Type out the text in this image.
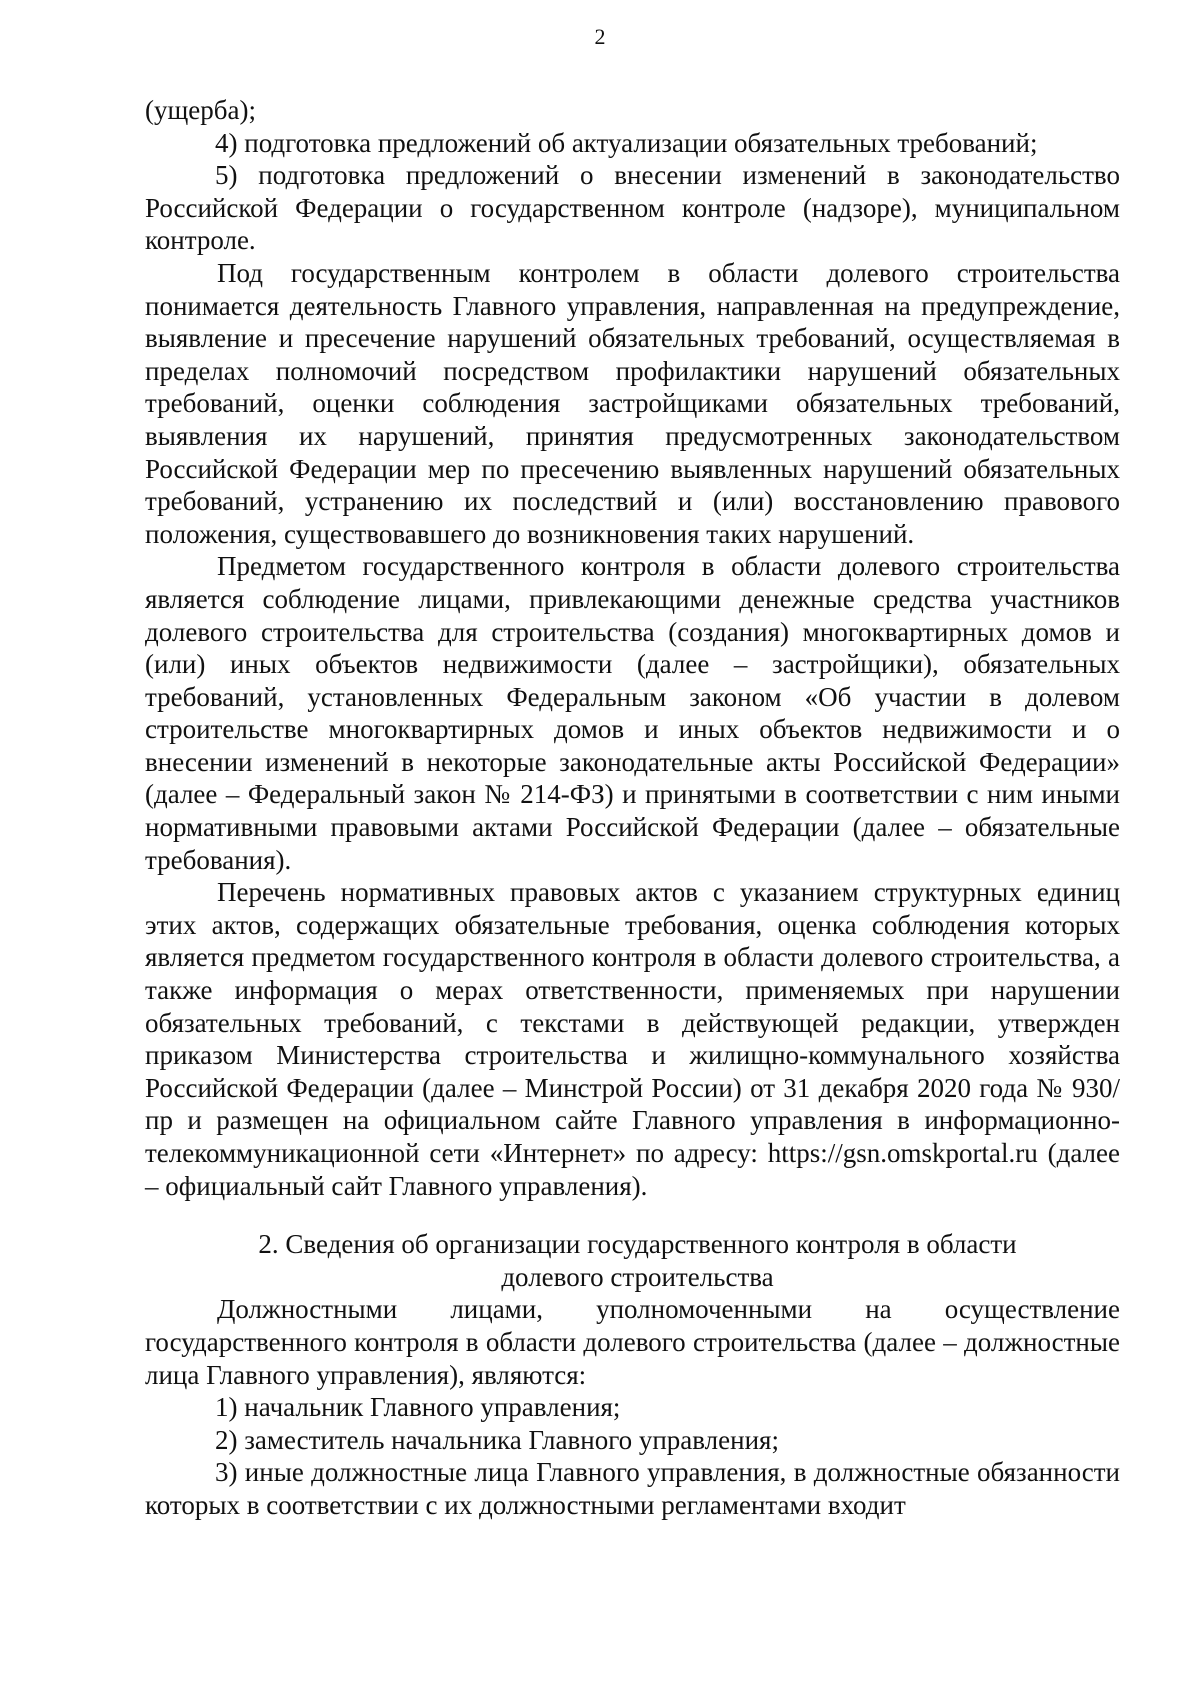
2

(ущерба);

4) подготовка предложений об актуализации обязательных требований;

5) подготовка предложений о внесении изменений в законодательство Российской Федерации о государственном контроле (надзоре), муниципальном контроле.

Под государственным контролем в области долевого строительства понимается деятельность Главного управления, направленная на предупреждение, выявление и пресечение нарушений обязательных требований, осуществляемая в пределах полномочий посредством профилактики нарушений обязательных требований, оценки соблюдения застройщиками обязательных требований, выявления их нарушений, принятия предусмотренных законодательством Российской Федерации мер по пресечению выявленных нарушений обязательных требований, устранению их последствий и (или) восстановлению правового положения, существовавшего до возникновения таких нарушений.

Предметом государственного контроля в области долевого строительства является соблюдение лицами, привлекающими денежные средства участников долевого строительства для строительства (создания) многоквартирных домов и (или) иных объектов недвижимости (далее – застройщики), обязательных требований, установленных Федеральным законом «Об участии в долевом строительстве многоквартирных домов и иных объектов недвижимости и о внесении изменений в некоторые законодательные акты Российской Федерации» (далее – Федеральный закон № 214-ФЗ) и принятыми в соответствии с ним иными нормативными правовыми актами Российской Федерации (далее – обязательные требования).

Перечень нормативных правовых актов с указанием структурных единиц этих актов, содержащих обязательные требования, оценка соблюдения которых является предметом государственного контроля в области долевого строительства, а также информация о мерах ответственности, применяемых при нарушении обязательных требований, с текстами в действующей редакции, утвержден приказом Министерства строительства и жилищно-коммунального хозяйства Российской Федерации (далее – Минстрой России) от 31 декабря 2020 года № 930/пр и размещен на официальном сайте Главного управления в информационно-телекоммуникационной сети «Интернет» по адресу: https://gsn.omskportal.ru (далее – официальный сайт Главного управления).

2. Сведения об организации государственного контроля в области
долевого строительства

Должностными лицами, уполномоченными на осуществление государственного контроля в области долевого строительства (далее – должностные лица Главного управления), являются:

1) начальник Главного управления;

2) заместитель начальника Главного управления;

3) иные должностные лица Главного управления, в должностные обязанности которых в соответствии с их должностными регламентами входит
